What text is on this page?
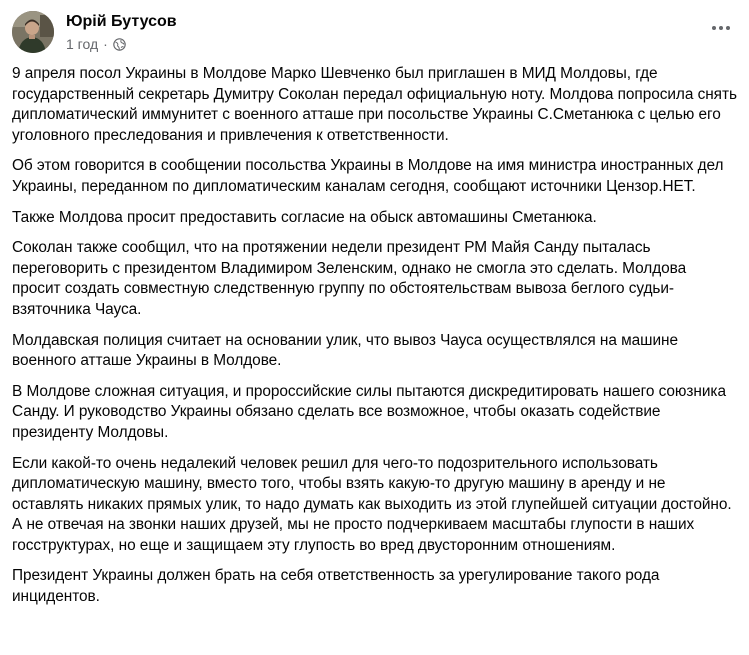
Юрій Бутусов
1 год ·

9 апреля посол Украины в Молдове Марко Шевченко был приглашен в МИД Молдовы, где государственный секретарь Думитру Соколан передал официальную ноту. Молдова попросила снять дипломатический иммунитет с военного атташе при посольстве Украины С.Сметанюка с целью его уголовного преследования и привлечения к ответственности.

Об этом говорится в сообщении посольства Украины в Молдове на имя министра иностранных дел Украины, переданном по дипломатическим каналам сегодня, сообщают источники Цензор.НЕТ.

Также Молдова просит предоставить согласие на обыск автомашины Сметанюка.

Соколан также сообщил, что на протяжении недели президент РМ Майя Санду пыталась переговорить с президентом Владимиром Зеленским, однако не смогла это сделать. Молдова просит создать совместную следственную группу по обстоятельствам вывоза беглого судьи-взяточника Чауса.

Молдавская полиция считает на основании улик, что вывоз Чауса осуществлялся на машине военного атташе Украины в Молдове.

В Молдове сложная ситуация, и пророссийские силы пытаются дискредитировать нашего союзника Санду. И руководство Украины обязано сделать все возможное, чтобы оказать содействие президенту Молдовы.

Если какой-то очень недалекий человек решил для чего-то подозрительного использовать дипломатическую машину, вместо того, чтобы взять какую-то другую машину в аренду и не оставлять никаких прямых улик, то надо думать как выходить из этой глупейшей ситуации достойно. А не отвечая на звонки наших друзей, мы не просто подчеркиваем масштабы глупости в наших госструктурах, но еще и защищаем эту глупость во вред двусторонним отношениям.

Президент Украины должен брать на себя ответственность за урегулирование такого рода инцидентов.
